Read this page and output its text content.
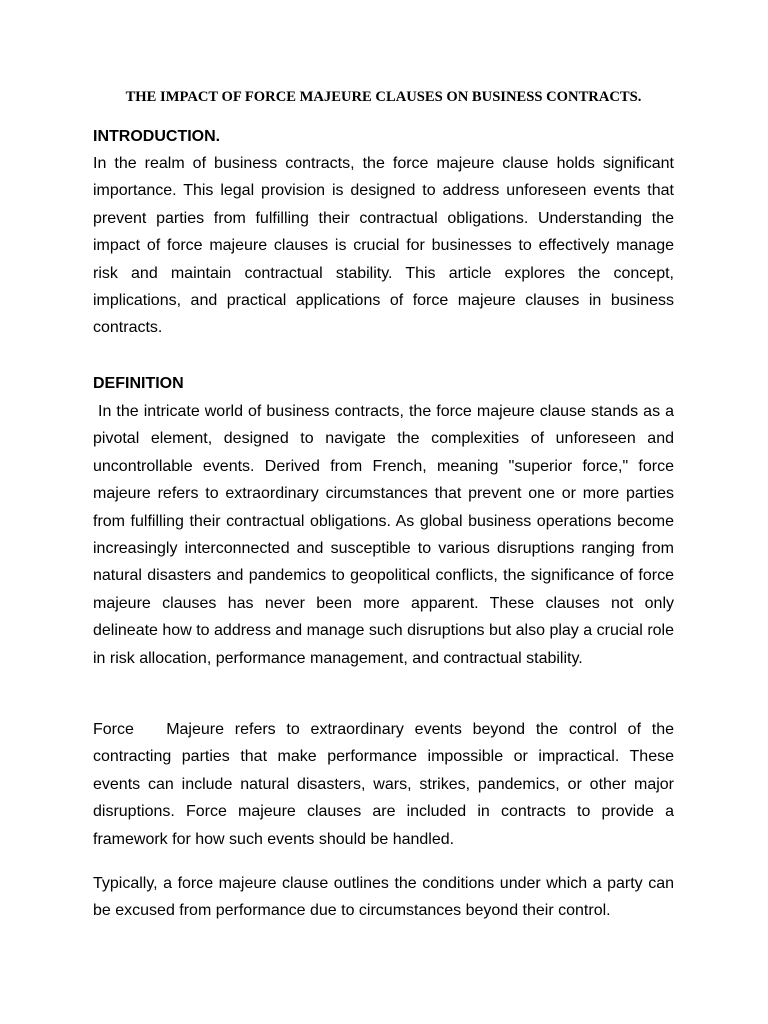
THE IMPACT OF FORCE MAJEURE CLAUSES ON BUSINESS CONTRACTS.
INTRODUCTION.

In the realm of business contracts, the force majeure clause holds significant importance. This legal provision is designed to address unforeseen events that prevent parties from fulfilling their contractual obligations. Understanding the impact of force majeure clauses is crucial for businesses to effectively manage risk and maintain contractual stability. This article explores the concept, implications, and practical applications of force majeure clauses in business contracts.

DEFINITION

In the intricate world of business contracts, the force majeure clause stands as a pivotal element, designed to navigate the complexities of unforeseen and uncontrollable events. Derived from French, meaning "superior force," force majeure refers to extraordinary circumstances that prevent one or more parties from fulfilling their contractual obligations. As global business operations become increasingly interconnected and susceptible to various disruptions ranging from natural disasters and pandemics to geopolitical conflicts, the significance of force majeure clauses has never been more apparent. These clauses not only delineate how to address and manage such disruptions but also play a crucial role in risk allocation, performance management, and contractual stability.

Force   Majeure refers to extraordinary events beyond the control of the contracting parties that make performance impossible or impractical. These events can include natural disasters, wars, strikes, pandemics, or other major disruptions. Force majeure clauses are included in contracts to provide a framework for how such events should be handled.

Typically, a force majeure clause outlines the conditions under which a party can be excused from performance due to circumstances beyond their control.
